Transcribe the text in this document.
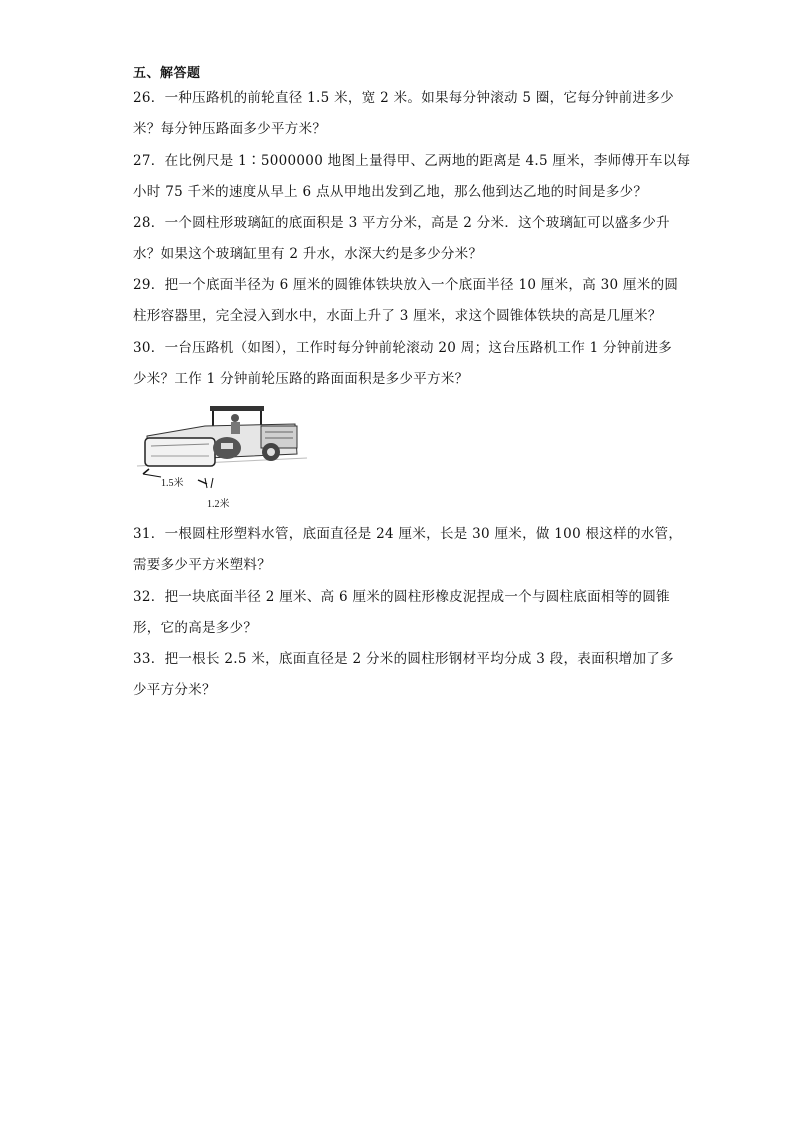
五、解答题

26．一种压路机的前轮直径 1.5 米，宽 2 米。如果每分钟滚动 5 圈，它每分钟前进多少

米？每分钟压路面多少平方米？

27．在比例尺是 1∶5000000 地图上量得甲、乙两地的距离是 4.5 厘米，李师傅开车以每

小时 75 千米的速度从早上 6 点从甲地出发到乙地，那么他到达乙地的时间是多少？

28．一个圆柱形玻璃缸的底面积是 3 平方分米，高是 2 分米．这个玻璃缸可以盛多少升

水？如果这个玻璃缸里有 2 升水，水深大约是多少分米？

29．把一个底面半径为 6 厘米的圆锥体铁块放入一个底面半径 10 厘米，高 30 厘米的圆

柱形容器里，完全浸入到水中，水面上升了 3 厘米，求这个圆锥体铁块的高是几厘米？

30．一台压路机（如图），工作时每分钟前轮滚动 20 周；这台压路机工作 1 分钟前进多

少米？工作 1 分钟前轮压路的路面面积是多少平方米？

1.5米
1.2米

31．一根圆柱形塑料水管，底面直径是 24 厘米，长是 30 厘米，做 100 根这样的水管，

需要多少平方米塑料？

32．把一块底面半径 2 厘米、高 6 厘米的圆柱形橡皮泥捏成一个与圆柱底面相等的圆锥

形，它的高是多少？

33．把一根长 2.5 米，底面直径是 2 分米的圆柱形钢材平均分成 3 段，表面积增加了多

少平方分米？
